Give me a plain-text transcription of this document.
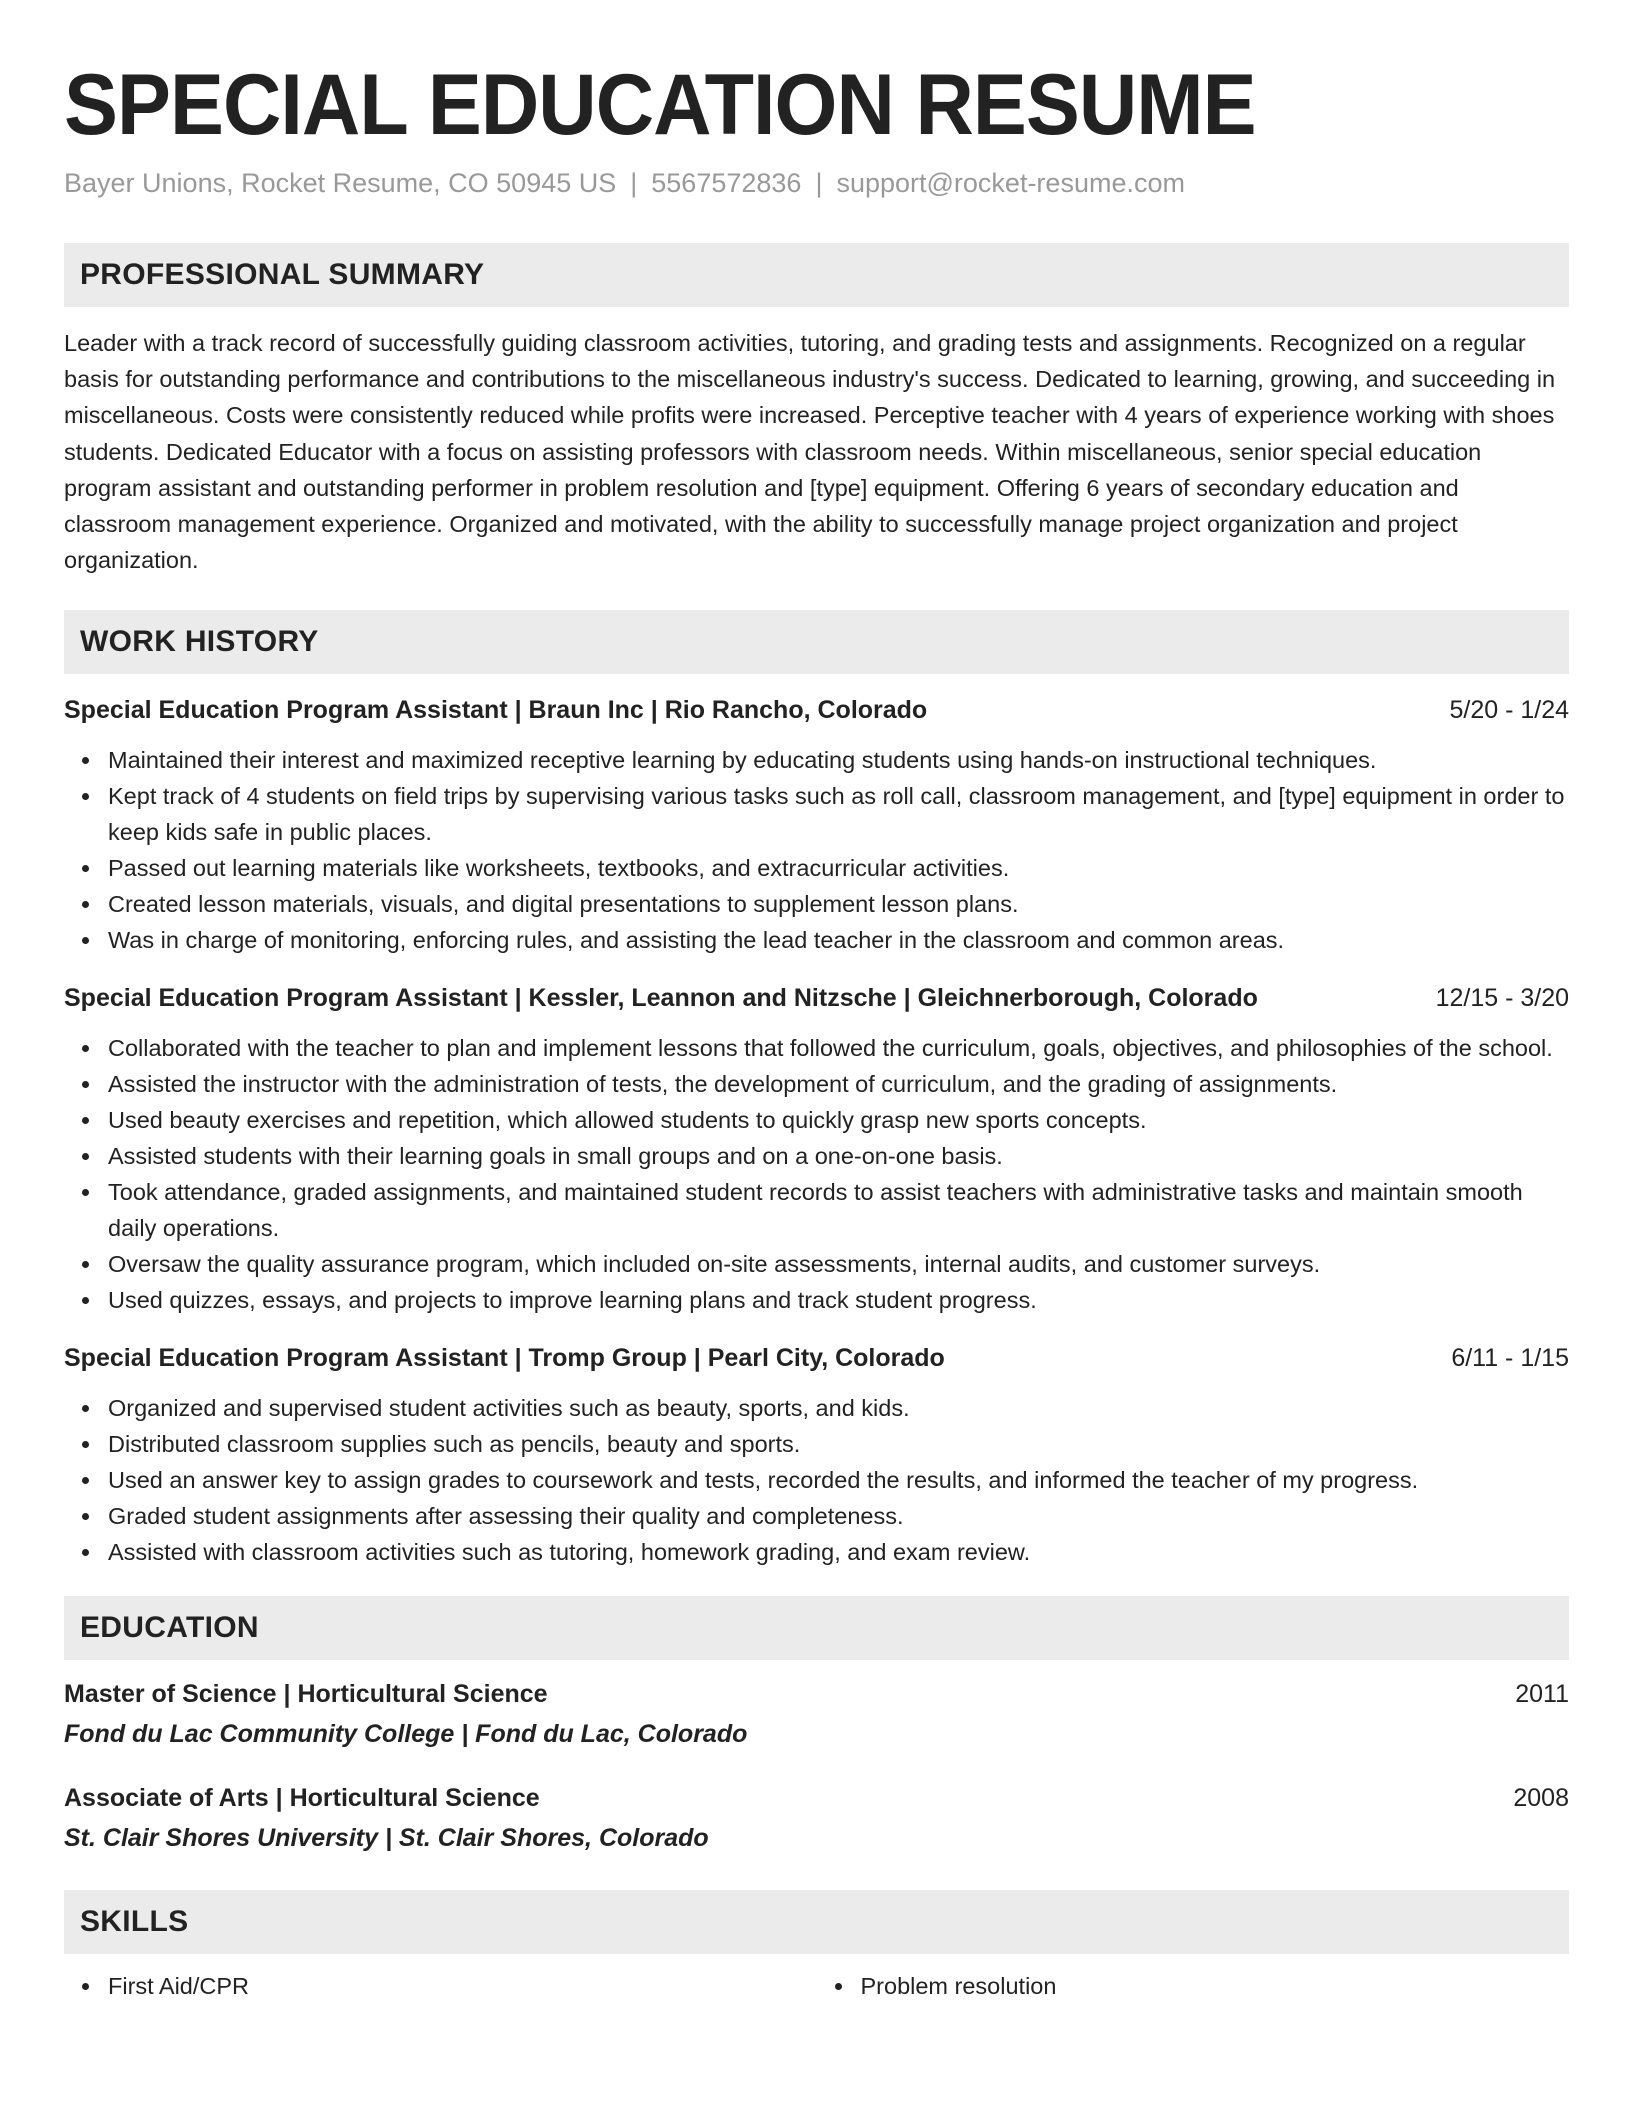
SPECIAL EDUCATION RESUME
Bayer Unions, Rocket Resume, CO 50945 US | 5567572836 | support@rocket-resume.com
PROFESSIONAL SUMMARY
Leader with a track record of successfully guiding classroom activities, tutoring, and grading tests and assignments. Recognized on a regular basis for outstanding performance and contributions to the miscellaneous industry's success. Dedicated to learning, growing, and succeeding in miscellaneous. Costs were consistently reduced while profits were increased. Perceptive teacher with 4 years of experience working with shoes students. Dedicated Educator with a focus on assisting professors with classroom needs. Within miscellaneous, senior special education program assistant and outstanding performer in problem resolution and [type] equipment. Offering 6 years of secondary education and classroom management experience. Organized and motivated, with the ability to successfully manage project organization and project organization.
WORK HISTORY
Special Education Program Assistant | Braun Inc | Rio Rancho, Colorado	5/20 - 1/24
Maintained their interest and maximized receptive learning by educating students using hands-on instructional techniques.
Kept track of 4 students on field trips by supervising various tasks such as roll call, classroom management, and [type] equipment in order to keep kids safe in public places.
Passed out learning materials like worksheets, textbooks, and extracurricular activities.
Created lesson materials, visuals, and digital presentations to supplement lesson plans.
Was in charge of monitoring, enforcing rules, and assisting the lead teacher in the classroom and common areas.
Special Education Program Assistant | Kessler, Leannon and Nitzsche | Gleichnerborough, Colorado	12/15 - 3/20
Collaborated with the teacher to plan and implement lessons that followed the curriculum, goals, objectives, and philosophies of the school.
Assisted the instructor with the administration of tests, the development of curriculum, and the grading of assignments.
Used beauty exercises and repetition, which allowed students to quickly grasp new sports concepts.
Assisted students with their learning goals in small groups and on a one-on-one basis.
Took attendance, graded assignments, and maintained student records to assist teachers with administrative tasks and maintain smooth daily operations.
Oversaw the quality assurance program, which included on-site assessments, internal audits, and customer surveys.
Used quizzes, essays, and projects to improve learning plans and track student progress.
Special Education Program Assistant | Tromp Group | Pearl City, Colorado	6/11 - 1/15
Organized and supervised student activities such as beauty, sports, and kids.
Distributed classroom supplies such as pencils, beauty and sports.
Used an answer key to assign grades to coursework and tests, recorded the results, and informed the teacher of my progress.
Graded student assignments after assessing their quality and completeness.
Assisted with classroom activities such as tutoring, homework grading, and exam review.
EDUCATION
Master of Science | Horticultural Science	2011
Fond du Lac Community College | Fond du Lac, Colorado
Associate of Arts | Horticultural Science	2008
St. Clair Shores University | St. Clair Shores, Colorado
SKILLS
First Aid/CPR	Problem resolution
